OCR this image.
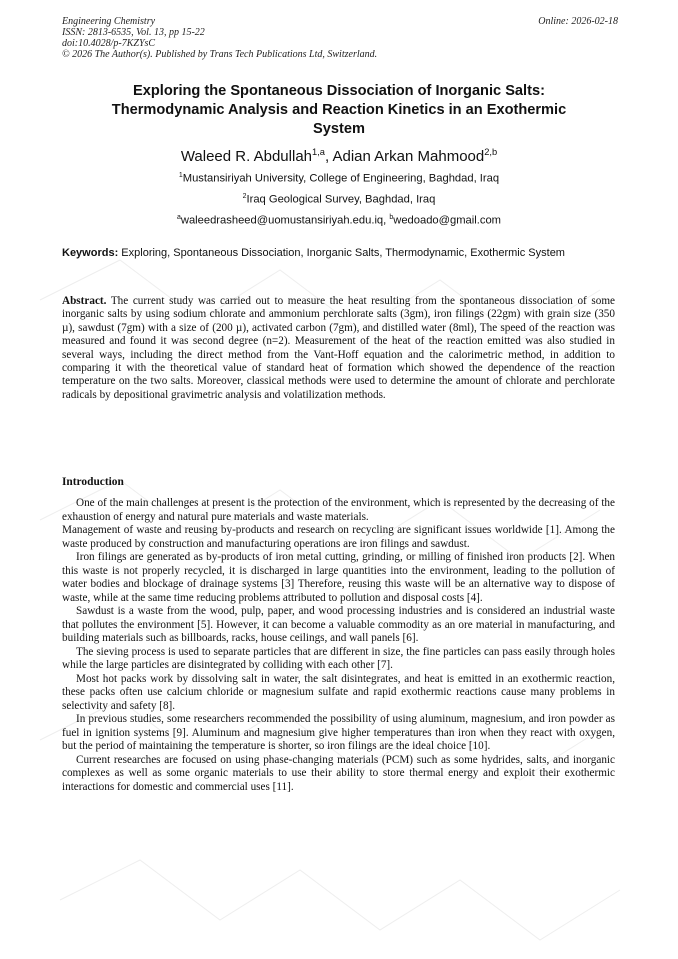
Engineering Chemistry	Online: 2026-02-18
ISSN: 2813-6535, Vol. 13, pp 15-22
doi:10.4028/p-7KZYsC
© 2026 The Author(s). Published by Trans Tech Publications Ltd, Switzerland.
Exploring the Spontaneous Dissociation of Inorganic Salts:
Thermodynamic Analysis and Reaction Kinetics in an Exothermic
System
Waleed R. Abdullah$^{1,a}$, Adian Arkan Mahmood$^{2,b}$
$^1$Mustansiriyah University, College of Engineering, Baghdad, Iraq
$^2$Iraq Geological Survey, Baghdad, Iraq
$^a$waleedrasheed@uomustansiriyah.edu.iq, $^b$wedoado@gmail.com
Keywords: Exploring, Spontaneous Dissociation, Inorganic Salts, Thermodynamic, Exothermic System
Abstract. The current study was carried out to measure the heat resulting from the spontaneous dissociation of some inorganic salts by using sodium chlorate and ammonium perchlorate salts (3gm), iron filings (22gm) with grain size (350 µ), sawdust (7gm) with a size of (200 µ), activated carbon (7gm), and distilled water (8ml), The speed of the reaction was measured and found it was second degree (n=2). Measurement of the heat of the reaction emitted was also studied in several ways, including the direct method from the Vant-Hoff equation and the calorimetric method, in addition to comparing it with the theoretical value of standard heat of formation which showed the dependence of the reaction temperature on the two salts. Moreover, classical methods were used to determine the amount of chlorate and perchlorate radicals by depositional gravimetric analysis and volatilization methods.
Introduction

One of the main challenges at present is the protection of the environment, which is represented by the decreasing of the exhaustion of energy and natural pure materials and waste materials.

Management of waste and reusing by-products and research on recycling are significant issues worldwide [1]. Among the waste produced by construction and manufacturing operations are iron filings and sawdust.

Iron filings are generated as by-products of iron metal cutting, grinding, or milling of finished iron products [2]. When this waste is not properly recycled, it is discharged in large quantities into the environment, leading to the pollution of water bodies and blockage of drainage systems [3] Therefore, reusing this waste will be an alternative way to dispose of waste, while at the same time reducing problems attributed to pollution and disposal costs [4].

Sawdust is a waste from the wood, pulp, paper, and wood processing industries and is considered an industrial waste that pollutes the environment [5]. However, it can become a valuable commodity as an ore material in manufacturing, and building materials such as billboards, racks, house ceilings, and wall panels [6].

The sieving process is used to separate particles that are different in size, the fine particles can pass easily through holes while the large particles are disintegrated by colliding with each other [7].

Most hot packs work by dissolving salt in water, the salt disintegrates, and heat is emitted in an exothermic reaction, these packs often use calcium chloride or magnesium sulfate and rapid exothermic reactions cause many problems in selectivity and safety [8].

In previous studies, some researchers recommended the possibility of using aluminum, magnesium, and iron powder as fuel in ignition systems [9]. Aluminum and magnesium give higher temperatures than iron when they react with oxygen, but the period of maintaining the temperature is shorter, so iron filings are the ideal choice [10].

Current researches are focused on using phase-changing materials (PCM) such as some hydrides, salts, and inorganic complexes as well as some organic materials to use their ability to store thermal energy and exploit their exothermic interactions for domestic and commercial uses [11].
